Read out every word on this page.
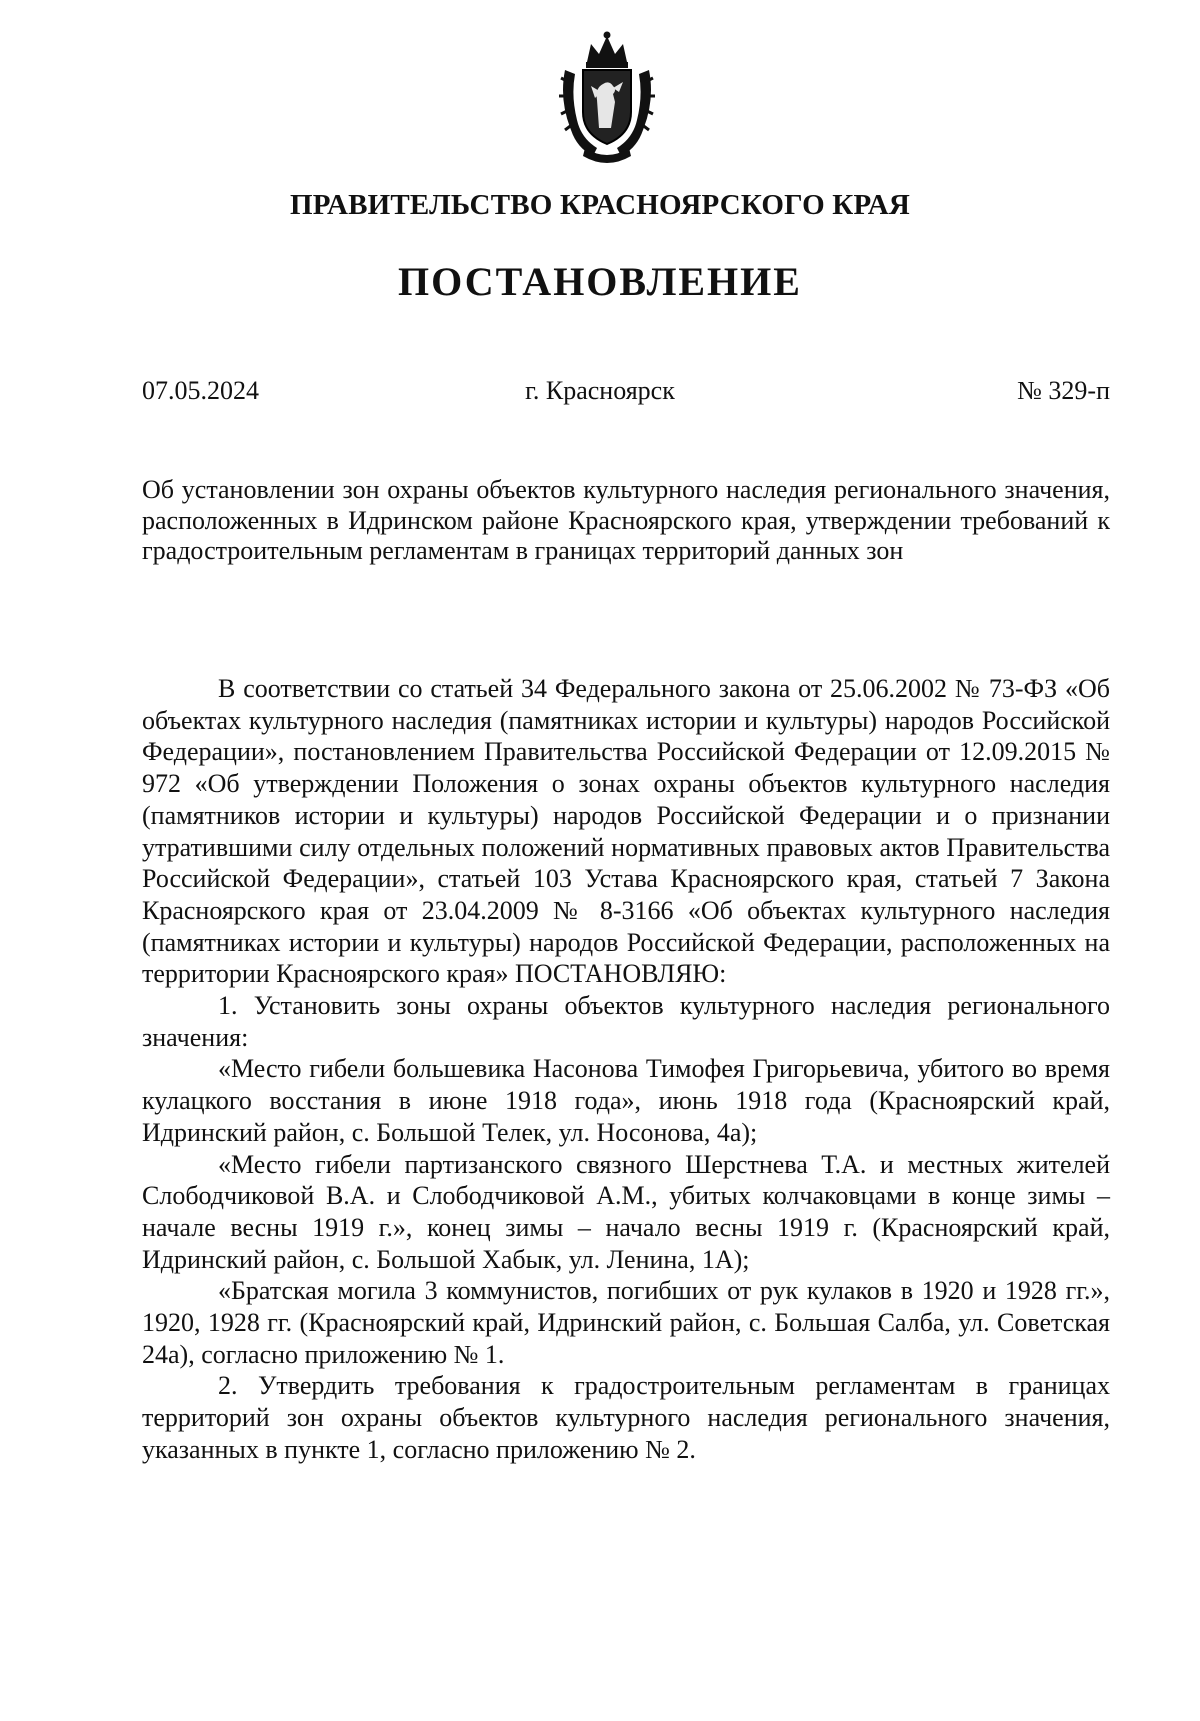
ПРАВИТЕЛЬСТВО КРАСНОЯРСКОГО КРАЯ
ПОСТАНОВЛЕНИЕ
07.05.2024	г. Красноярск	№ 329-п

Об установлении зон охраны объектов культурного наследия регионального значения, расположенных в Идринском районе Красноярского края, утверждении требований к градостроительным регламентам в границах территорий данных зон

В соответствии со статьей 34 Федерального закона от 25.06.2002 № 73-ФЗ «Об объектах культурного наследия (памятниках истории и культуры) народов Российской Федерации», постановлением Правительства Российской Федерации от 12.09.2015 № 972 «Об утверждении Положения о зонах охраны объектов культурного наследия (памятников истории и культуры) народов Российской Федерации и о признании утратившими силу отдельных положений нормативных правовых актов Правительства Российской Федерации», статьей 103 Устава Красноярского края, статьей 7 Закона Красноярского края от 23.04.2009 № 8-3166 «Об объектах культурного наследия (памятниках истории и культуры) народов Российской Федерации, расположенных на территории Красноярского края» ПОСТАНОВЛЯЮ:

1. Установить зоны охраны объектов культурного наследия регионального значения:

«Место гибели большевика Насонова Тимофея Григорьевича, убитого во время кулацкого восстания в июне 1918 года», июнь 1918 года (Красноярский край, Идринский район, с. Большой Телек, ул. Носонова, 4а);

«Место гибели партизанского связного Шерстнева Т.А. и местных жителей Слободчиковой В.А. и Слободчиковой А.М., убитых колчаковцами в конце зимы – начале весны 1919 г.», конец зимы – начало весны 1919 г. (Красноярский край, Идринский район, с. Большой Хабык, ул. Ленина, 1А);

«Братская могила 3 коммунистов, погибших от рук кулаков в 1920 и 1928 гг.», 1920, 1928 гг. (Красноярский край, Идринский район, с. Большая Салба, ул. Советская 24а), согласно приложению № 1.

2. Утвердить требования к градостроительным регламентам в границах территорий зон охраны объектов культурного наследия регионального значения, указанных в пункте 1, согласно приложению № 2.
